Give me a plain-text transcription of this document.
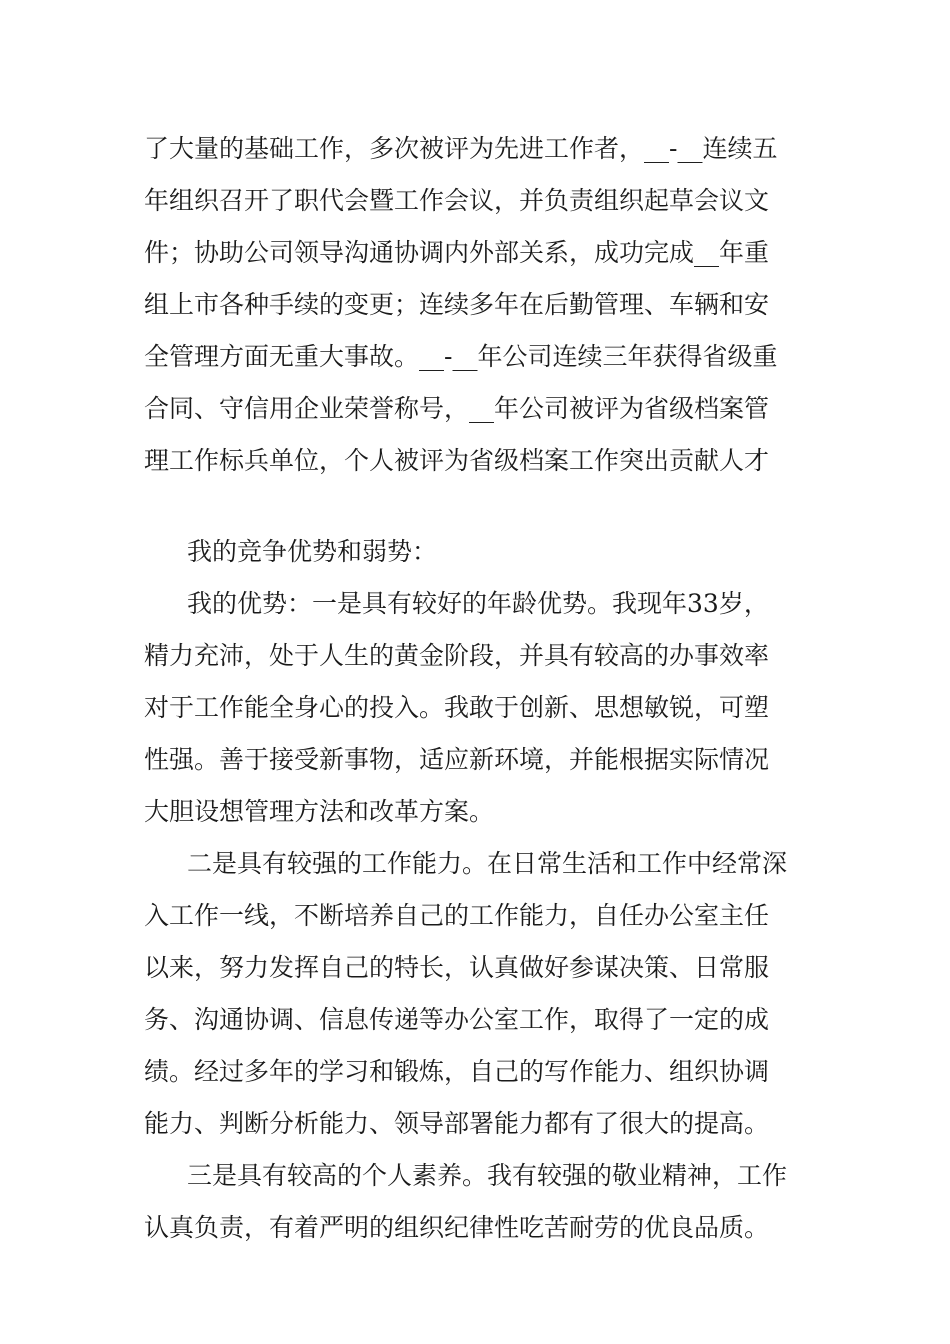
了大量的基础工作，多次被评为先进工作者，__-__连续五
年组织召开了职代会暨工作会议，并负责组织起草会议文
件；协助公司领导沟通协调内外部关系，成功完成__年重
组上市各种手续的变更；连续多年在后勤管理、车辆和安
全管理方面无重大事故。__-__年公司连续三年获得省级重
合同、守信用企业荣誉称号，__年公司被评为省级档案管
理工作标兵单位，个人被评为省级档案工作突出贡献人才
我的竞争优势和弱势：
我的优势：一是具有较好的年龄优势。我现年33岁，
精力充沛，处于人生的黄金阶段，并具有较高的办事效率
对于工作能全身心的投入。我敢于创新、思想敏锐，可塑
性强。善于接受新事物，适应新环境，并能根据实际情况
大胆设想管理方法和改革方案。
二是具有较强的工作能力。在日常生活和工作中经常深
入工作一线，不断培养自己的工作能力，自任办公室主任
以来，努力发挥自己的特长，认真做好参谋决策、日常服
务、沟通协调、信息传递等办公室工作，取得了一定的成
绩。经过多年的学习和锻炼，自己的写作能力、组织协调
能力、判断分析能力、领导部署能力都有了很大的提高。
三是具有较高的个人素养。我有较强的敬业精神，工作
认真负责，有着严明的组织纪律性吃苦耐劳的优良品质。
